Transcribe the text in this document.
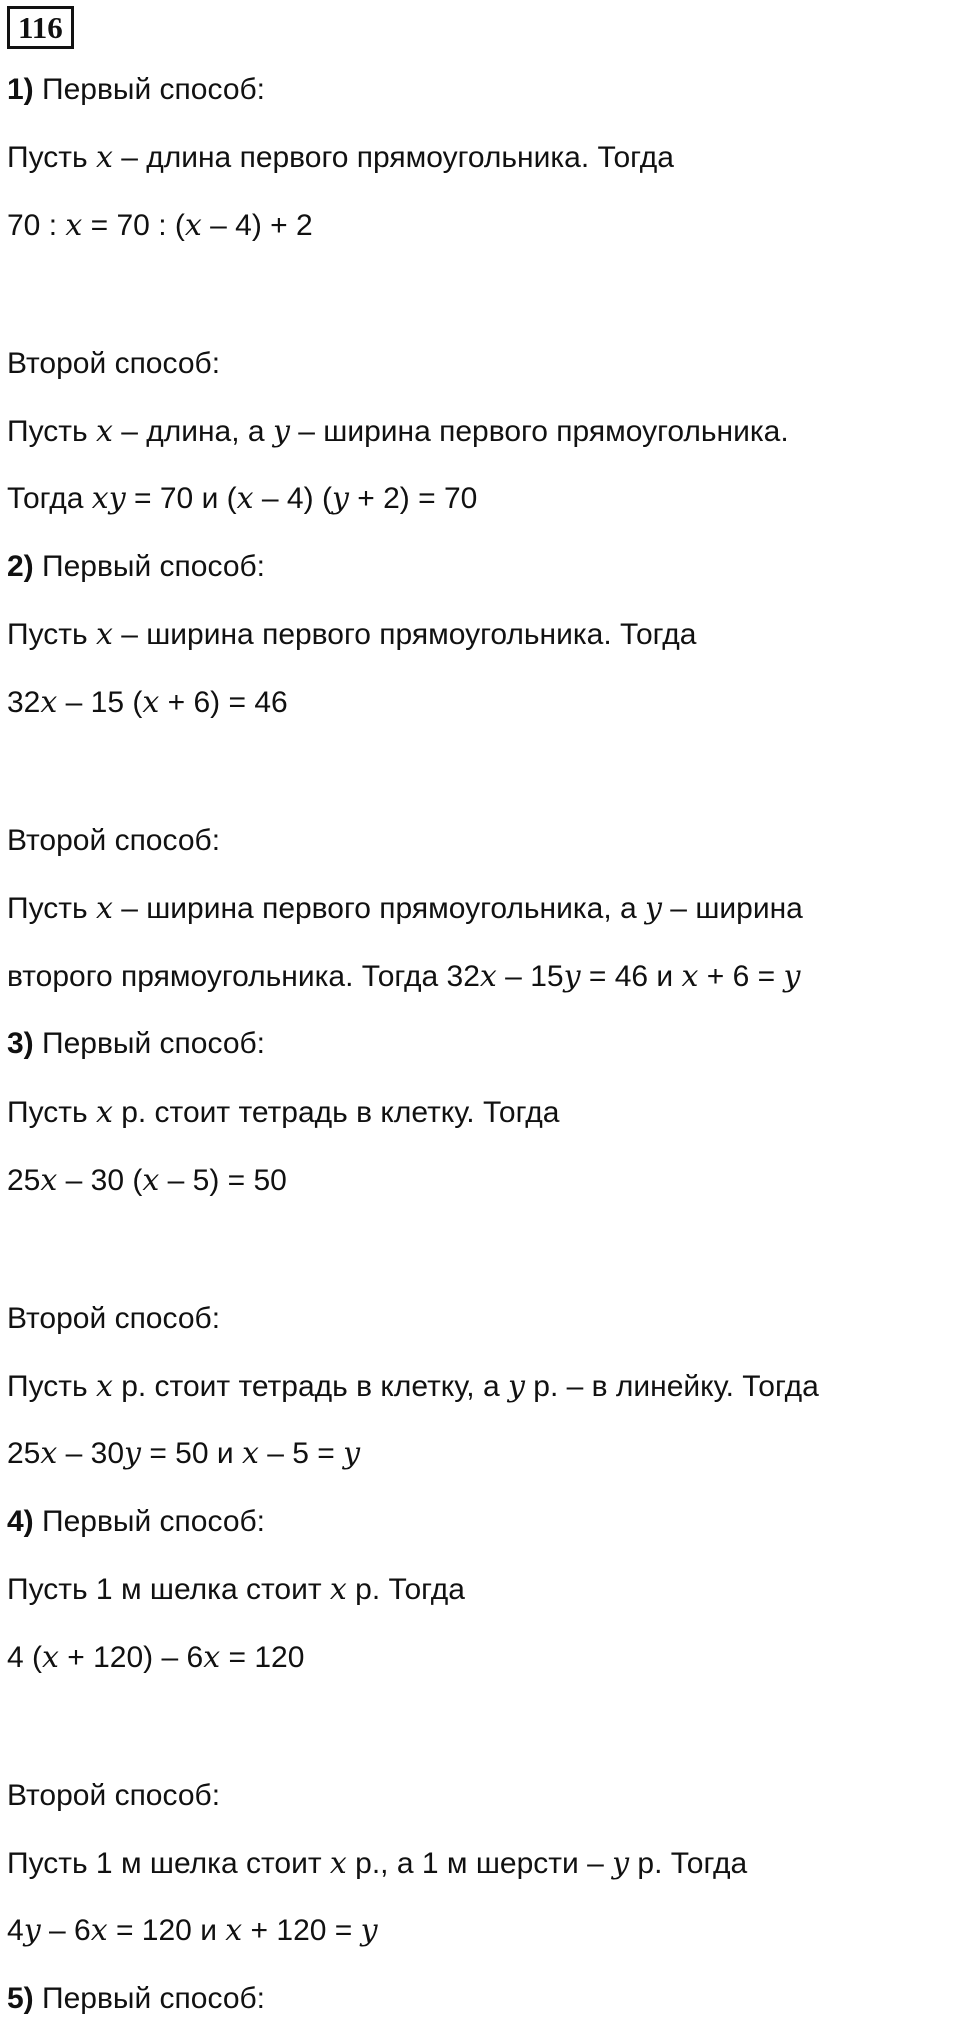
116
1) Первый способ:
Пусть x – длина первого прямоугольника. Тогда
70 : x = 70 : (x – 4) + 2
Второй способ:
Пусть x – длина, а y – ширина первого прямоугольника.
Тогда xy = 70 и (x – 4) (y + 2) = 70
2) Первый способ:
Пусть x – ширина первого прямоугольника. Тогда
32x – 15 (x + 6) = 46
Второй способ:
Пусть x – ширина первого прямоугольника, а y – ширина
второго прямоугольника. Тогда 32x – 15y = 46 и x + 6 = y
3) Первый способ:
Пусть x р. стоит тетрадь в клетку. Тогда
25x – 30 (x – 5) = 50
Второй способ:
Пусть x р. стоит тетрадь в клетку, а y р. – в линейку. Тогда
25x – 30y = 50 и x – 5 = y
4) Первый способ:
Пусть 1 м шелка стоит x р. Тогда
4 (x + 120) – 6x = 120
Второй способ:
Пусть 1 м шелка стоит x р., а 1 м шерсти – y р. Тогда
4y – 6x = 120 и x + 120 = y
5) Первый способ:
